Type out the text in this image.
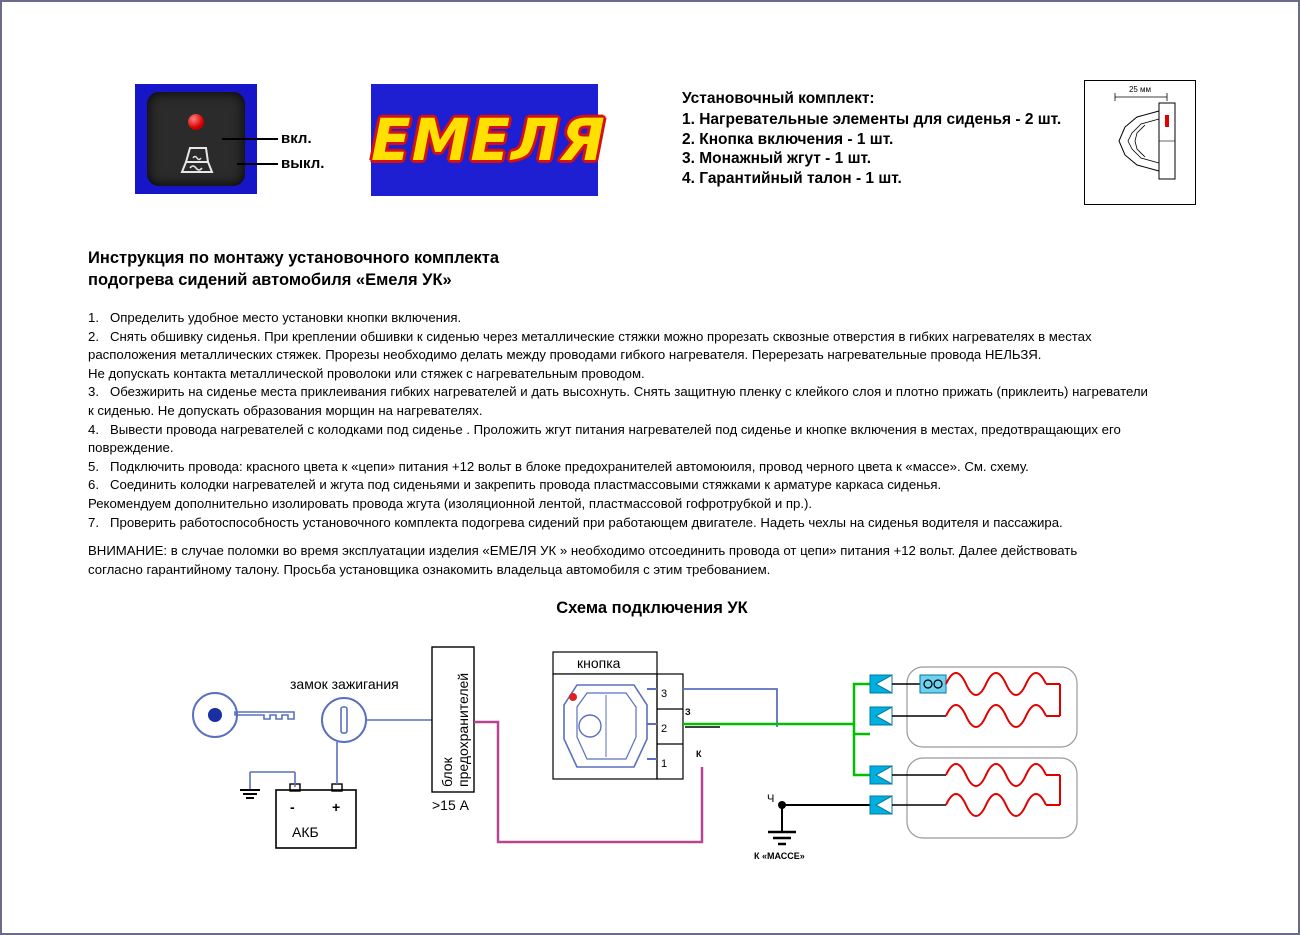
вкл.
выкл. ЕМЕЛЯ
Установочный комплект:
1. Нагревательные элементы для сиденья - 2 шт.
2. Кнопка включения - 1 шт.
3. Монажный жгут - 1 шт.
4. Гарантийный талон - 1 шт.
25 мм
Инструкция по монтажу установочного комплекта
подогрева сидений автомобиля «Емеля УК»

1. Определить удобное место установки кнопки включения.

2. Снять обшивку сиденья. При креплении обшивки к сиденью через металлические стяжки можно прорезать сквозные отверстия в гибких нагревателях в местах

расположения металлических стяжек. Прорезы необходимо делать между проводами гибкого нагревателя. Перерезать нагревательные провода НЕЛЬЗЯ.

Не допускать контакта металлической проволоки или стяжек с нагревательным проводом.

3. Обезжирить на сиденье места приклеивания гибких нагревателей и дать высохнуть. Снять защитную пленку с клейкого слоя и плотно прижать (приклеить) нагреватели

к сиденью. Не допускать образования морщин на нагревателях.

4. Вывести провода нагревателей с колодками под сиденье . Проложить жгут питания нагревателей под сиденье и кнопке включения в местах, предотвращающих его

повреждение.

5. Подключить провода: красного цвета к «цепи» питания +12 вольт в блоке предохранителей автомоюиля, провод черного цвета к «массе». См. схему.

6. Соединить колодки нагревателей и жгута под сиденьями и закрепить провода пластмассовыми стяжками к арматуре каркаса сиденья.

Рекомендуем дополнительно изолировать провода жгута (изоляционной лентой, пластмассовой гофротрубкой и пр.).

7. Проверить работоспособность установочного комплекта подогрева сидений при работающем двигателе. Надеть чехлы на сиденья водителя и пассажира.

ВНИМАНИЕ: в случае поломки во время эксплуатации изделия «ЕМЕЛЯ УК » необходимо отсоединить провода от цепи» питания +12 вольт. Далее действовать

согласно гарантийному талону. Просьба установщика ознакомить владельца автомобиля с этим требованием.

Схема подключения УК
замок зажигания
-	+
АКБ
блок предохранителей
>15 А
кнопка
3
2
1
К
З
Ч
К «МАССЕ»
